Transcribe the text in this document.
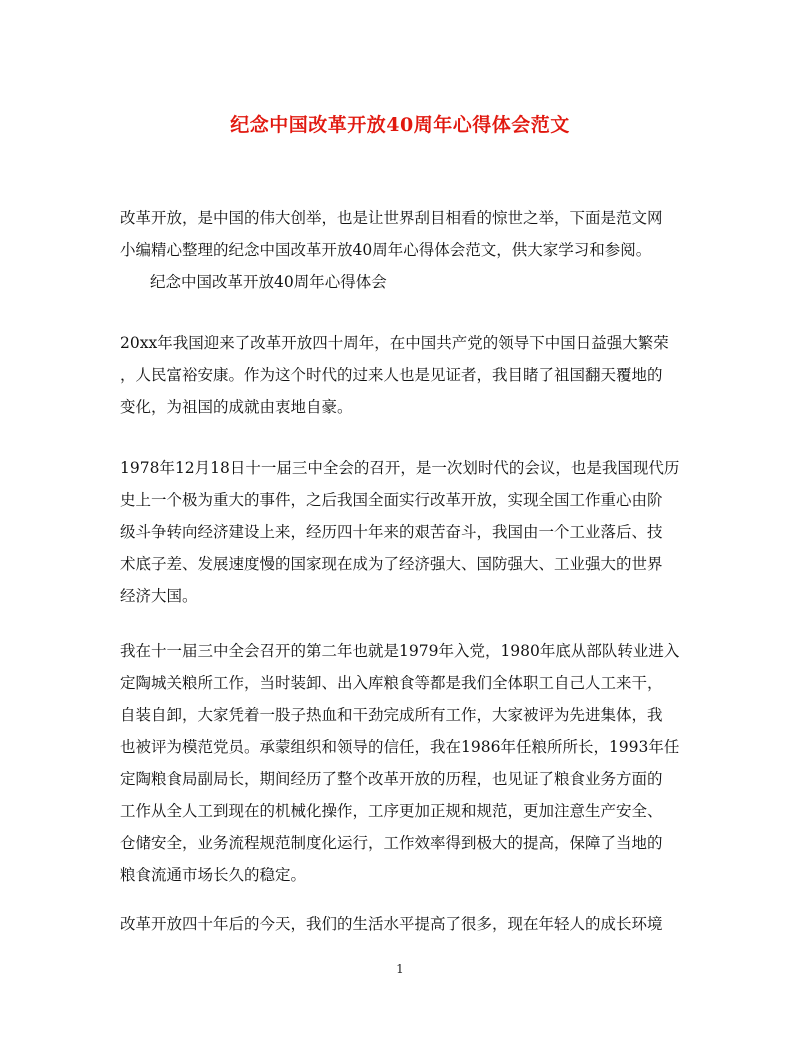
纪念中国改革开放40周年心得体会范文
改革开放，是中国的伟大创举，也是让世界刮目相看的惊世之举，下面是范文网
小编精心整理的纪念中国改革开放40周年心得体会范文，供大家学习和参阅。
纪念中国改革开放40周年心得体会
20xx年我国迎来了改革开放四十周年，在中国共产党的领导下中国日益强大繁荣
，人民富裕安康。作为这个时代的过来人也是见证者，我目睹了祖国翻天覆地的
变化，为祖国的成就由衷地自豪。
1978年12月18日十一届三中全会的召开，是一次划时代的会议，也是我国现代历
史上一个极为重大的事件，之后我国全面实行改革开放，实现全国工作重心由阶
级斗争转向经济建设上来，经历四十年来的艰苦奋斗，我国由一个工业落后、技
术底子差、发展速度慢的国家现在成为了经济强大、国防强大、工业强大的世界
经济大国。
我在十一届三中全会召开的第二年也就是1979年入党，1980年底从部队转业进入
定陶城关粮所工作，当时装卸、出入库粮食等都是我们全体职工自己人工来干，
自装自卸，大家凭着一股子热血和干劲完成所有工作，大家被评为先进集体，我
也被评为模范党员。承蒙组织和领导的信任，我在1986年任粮所所长，1993年任
定陶粮食局副局长，期间经历了整个改革开放的历程，也见证了粮食业务方面的
工作从全人工到现在的机械化操作，工序更加正规和规范，更加注意生产安全、
仓储安全，业务流程规范制度化运行，工作效率得到极大的提高，保障了当地的
粮食流通市场长久的稳定。
改革开放四十年后的今天，我们的生活水平提高了很多，现在年轻人的成长环境
1
